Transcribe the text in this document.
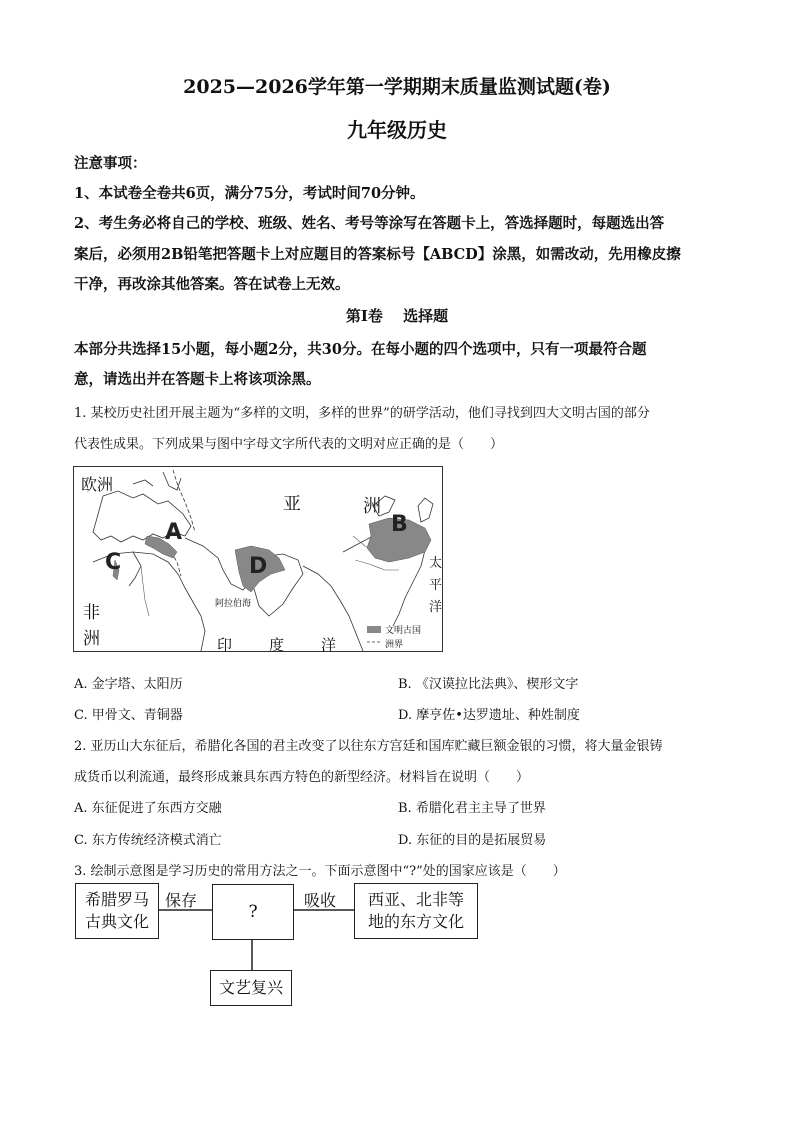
2025—2026学年第一学期期末质量监测试题(卷)
九年级历史
注意事项：
1、本试卷全卷共6页，满分75分，考试时间70分钟。
2、考生务必将自己的学校、班级、姓名、考号等涂写在答题卡上，答选择题时，每题选出答
案后，必须用2B铅笔把答题卡上对应题目的答案标号【ABCD】涂黑，如需改动，先用橡皮擦
干净，再改涂其他答案。答在试卷上无效。
第Ⅰ卷　 选择题
本部分共选择15小题，每小题2分，共30分。在每小题的四个选项中，只有一项最符合题
意，请选出并在答题卡上将该项涂黑。
1. 某校历史社团开展主题为“多样的文明，多样的世界”的研学活动，他们寻找到四大文明古国的部分
代表性成果。下列成果与图中字母文字所代表的文明对应正确的是（　　）
欧洲
亚	洲
非
洲	印 度 洋
太
平
洋
阿拉伯海
A	B
C	D
文明古国
洲界
A. 金字塔、太阳历	B. 《汉谟拉比法典》、楔形文字
C. 甲骨文、青铜器	D. 摩亨佐•达罗遗址、种姓制度
2. 亚历山大东征后，希腊化各国的君主改变了以往东方宫廷和国库贮藏巨额金银的习惯，将大量金银铸
成货币以利流通，最终形成兼具东西方特色的新型经济。材料旨在说明（　　）
A. 东征促进了东西方交融	B. 希腊化君主主导了世界
C. 东方传统经济模式消亡	D. 东征的目的是拓展贸易
3. 绘制示意图是学习历史的常用方法之一。下面示意图中“?”处的国家应该是（　　）
希腊罗马
古典文化
保存
?
吸收 西亚、北非等
地的东方文化
文艺复兴
